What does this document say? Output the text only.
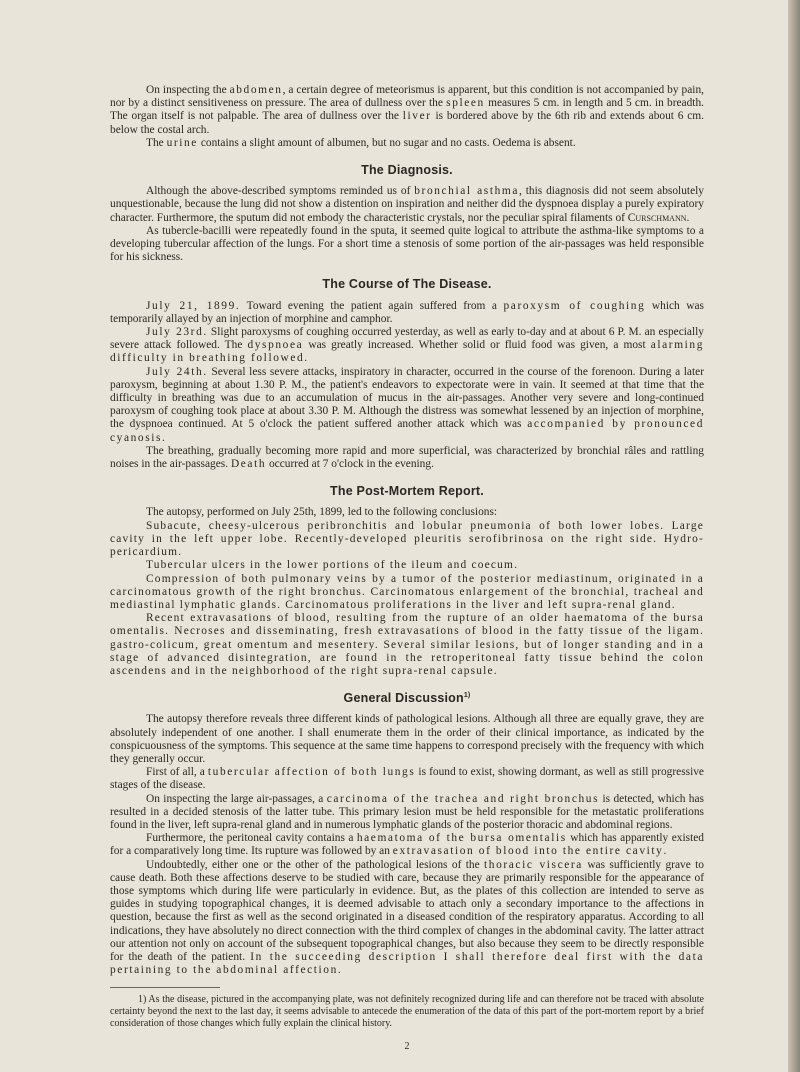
On inspecting the abdomen, a certain degree of meteorismus is apparent, but this condition is not accompanied by pain, nor by a distinct sensitiveness on pressure. The area of dullness over the spleen measures 5 cm. in length and 5 cm. in breadth. The organ itself is not palpable. The area of dullness over the liver is bordered above by the 6th rib and extends about 6 cm. below the costal arch.

The urine contains a slight amount of albumen, but no sugar and no casts. Oedema is absent.

The Diagnosis.

Although the above-described symptoms reminded us of bronchial asthma, this diagnosis did not seem absolutely unquestionable, because the lung did not show a distention on inspiration and neither did the dyspnoea display a purely expiratory character. Furthermore, the sputum did not embody the characteristic crystals, nor the peculiar spiral filaments of Curschmann.

As tubercle-bacilli were repeatedly found in the sputa, it seemed quite logical to attribute the asthma-like symptoms to a developing tubercular affection of the lungs. For a short time a stenosis of some portion of the air-passages was held responsible for his sickness.

The Course of The Disease.

July 21, 1899. Toward evening the patient again suffered from a paroxysm of coughing which was temporarily allayed by an injection of morphine and camphor.

July 23rd. Slight paroxysms of coughing occurred yesterday, as well as early to-day and at about 6 P. M. an especially severe attack followed. The dyspnoea was greatly increased. Whether solid or fluid food was given, a most alarming difficulty in breathing followed.

July 24th. Several less severe attacks, inspiratory in character, occurred in the course of the forenoon. During a later paroxysm, beginning at about 1.30 P. M., the patient's endeavors to expectorate were in vain. It seemed at that time that the difficulty in breathing was due to an accumulation of mucus in the air-passages. Another very severe and long-continued paroxysm of coughing took place at about 3.30 P. M. Although the distress was somewhat lessened by an injection of morphine, the dyspnoea continued. At 5 o'clock the patient suffered another attack which was accompanied by pronounced cyanosis.

The breathing, gradually becoming more rapid and more superficial, was characterized by bronchial râles and rattling noises in the air-passages. Death occurred at 7 o'clock in the evening.

The Post-Mortem Report.

The autopsy, performed on July 25th, 1899, led to the following conclusions:

Subacute, cheesy-ulcerous peribronchitis and lobular pneumonia of both lower lobes. Large cavity in the left upper lobe. Recently-developed pleuritis serofibrinosa on the right side. Hydro-pericardium.

Tubercular ulcers in the lower portions of the ileum and coecum.

Compression of both pulmonary veins by a tumor of the posterior mediastinum, originated in a carcinomatous growth of the right bronchus. Carcinomatous enlargement of the bronchial, tracheal and mediastinal lymphatic glands. Carcinomatous proliferations in the liver and left supra-renal gland.

Recent extravasations of blood, resulting from the rupture of an older haematoma of the bursa omentalis. Necroses and disseminating, fresh extravasations of blood in the fatty tissue of the ligam. gastro-colicum, great omentum and mesentery. Several similar lesions, but of longer standing and in a stage of advanced disintegration, are found in the retroperitoneal fatty tissue behind the colon ascendens and in the neighborhood of the right supra-renal capsule.

General Discussion$^{1)}$

The autopsy therefore reveals three different kinds of pathological lesions. Although all three are equally grave, they are absolutely independent of one another. I shall enumerate them in the order of their clinical importance, as indicated by the conspicuousness of the symptoms. This sequence at the same time happens to correspond precisely with the frequency with which they generally occur.

First of all, a tubercular affection of both lungs is found to exist, showing dormant, as well as still progressive stages of the disease.

On inspecting the large air-passages, a carcinoma of the trachea and right bronchus is detected, which has resulted in a decided stenosis of the latter tube. This primary lesion must be held responsible for the metastatic proliferations found in the liver, left supra-renal gland and in numerous lymphatic glands of the posterior thoracic and abdominal regions.

Furthermore, the peritoneal cavity contains a haematoma of the bursa omentalis which has apparently existed for a comparatively long time. Its rupture was followed by an extravasation of blood into the entire cavity.

Undoubtedly, either one or the other of the pathological lesions of the thoracic viscera was sufficiently grave to cause death. Both these affections deserve to be studied with care, because they are primarily responsible for the appearance of those symptoms which during life were particularly in evidence. But, as the plates of this collection are intended to serve as guides in studying topographical changes, it is deemed advisable to attach only a secondary importance to the affections in question, because the first as well as the second originated in a diseased condition of the respiratory apparatus. According to all indications, they have absolutely no direct connection with the third complex of changes in the abdominal cavity. The latter attract our attention not only on account of the subsequent topographical changes, but also because they seem to be directly responsible for the death of the patient. In the succeeding description I shall therefore deal first with the data pertaining to the abdominal affection.

1) As the disease, pictured in the accompanying plate, was not definitely recognized during life and can therefore not be traced with absolute certainty beyond the next to the last day, it seems advisable to antecede the enumeration of the data of this part of the port-mortem report by a brief consideration of those changes which fully explain the clinical history.

2
